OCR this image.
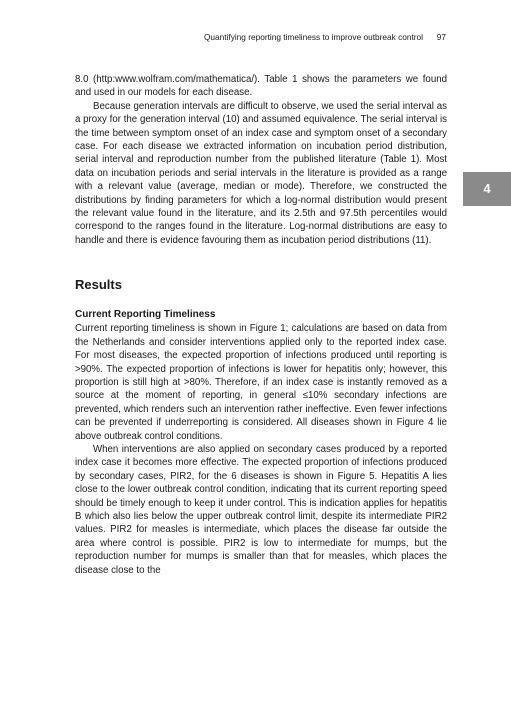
Quantifying reporting timeliness to improve outbreak control 97
4

8.0 (http:www.wolfram.com/mathematica/). Table 1 shows the parameters we found and used in our models for each disease.

Because generation intervals are difficult to observe, we used the serial interval as a proxy for the generation interval (10) and assumed equivalence. The serial interval is the time between symptom onset of an index case and symptom onset of a secondary case. For each disease we extracted information on incubation period distribution, serial interval and reproduction number from the published literature (Table 1). Most data on incubation periods and serial intervals in the literature is provided as a range with a relevant value (average, median or mode). Therefore, we constructed the distributions by finding parameters for which a log-normal distribution would present the relevant value found in the literature, and its 2.5th and 97.5th percentiles would correspond to the ranges found in the literature. Log-normal distributions are easy to handle and there is evidence favouring them as incubation period distributions (11).

Results
Current Reporting Timeliness

Current reporting timeliness is shown in Figure 1; calculations are based on data from the Netherlands and consider interventions applied only to the reported index case. For most diseases, the expected proportion of infections produced until reporting is >90%. The expected proportion of infections is lower for hepatitis only; however, this proportion is still high at >80%. Therefore, if an index case is instantly removed as a source at the moment of reporting, in general ≤10% secondary infections are prevented, which renders such an intervention rather ineffective. Even fewer infections can be prevented if underreporting is considered. All diseases shown in Figure 4 lie above outbreak control conditions.

When interventions are also applied on secondary cases produced by a reported index case it becomes more effective. The expected proportion of infections produced by secondary cases, PIR2, for the 6 diseases is shown in Figure 5. Hepatitis A lies close to the lower outbreak control condition, indicating that its current reporting speed should be timely enough to keep it under control. This is indication applies for hepatitis B which also lies below the upper outbreak control limit, despite its intermediate PIR2 values. PIR2 for measles is intermediate, which places the disease far outside the area where control is possible. PIR2 is low to intermediate for mumps, but the reproduction number for mumps is smaller than that for measles, which places the disease close to the
